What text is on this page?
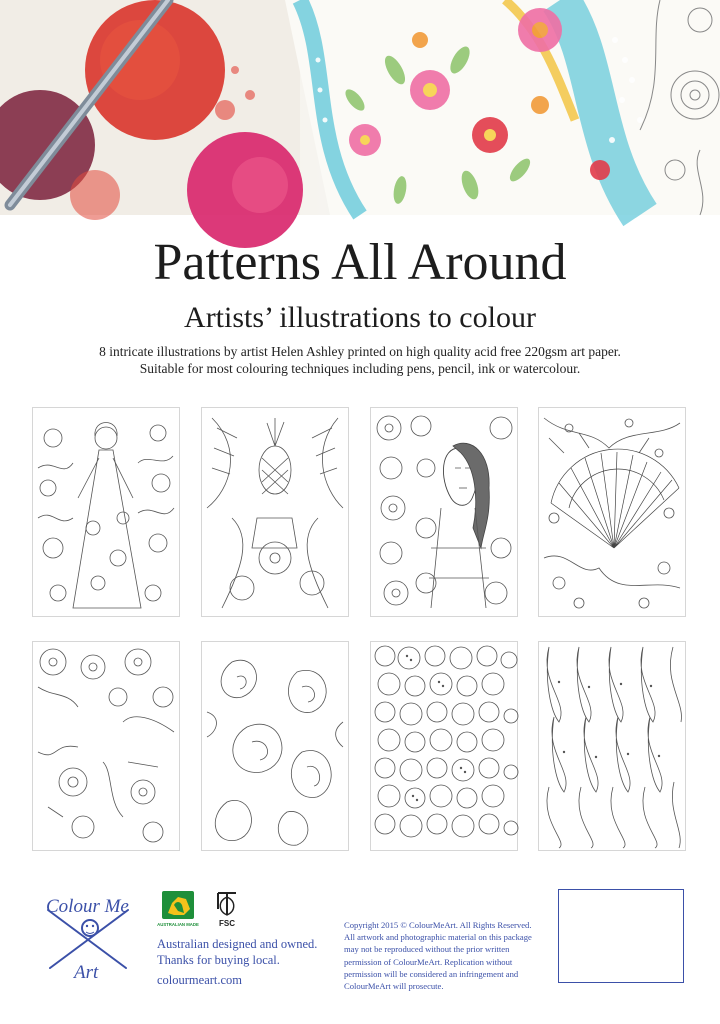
Patterns All Around
Artists’ illustrations to colour
8 intricate illustrations by artist Helen Ashley printed on high quality acid free 220gsm art paper.
Suitable for most colouring techniques including pens, pencil, ink or watercolour.
Colour Me
Art
AUSTRALIAN MADE	FSC
Australian designed and owned.
Thanks for buying local.
colourmeart.com
Copyright 2015 © ColourMeArt. All Rights Reserved.
All artwork and photographic material on this package
may not be reproduced without the prior written
permission of ColourMeArt. Replication without
permission will be considered an infringement and
ColourMeArt will prosecute.
